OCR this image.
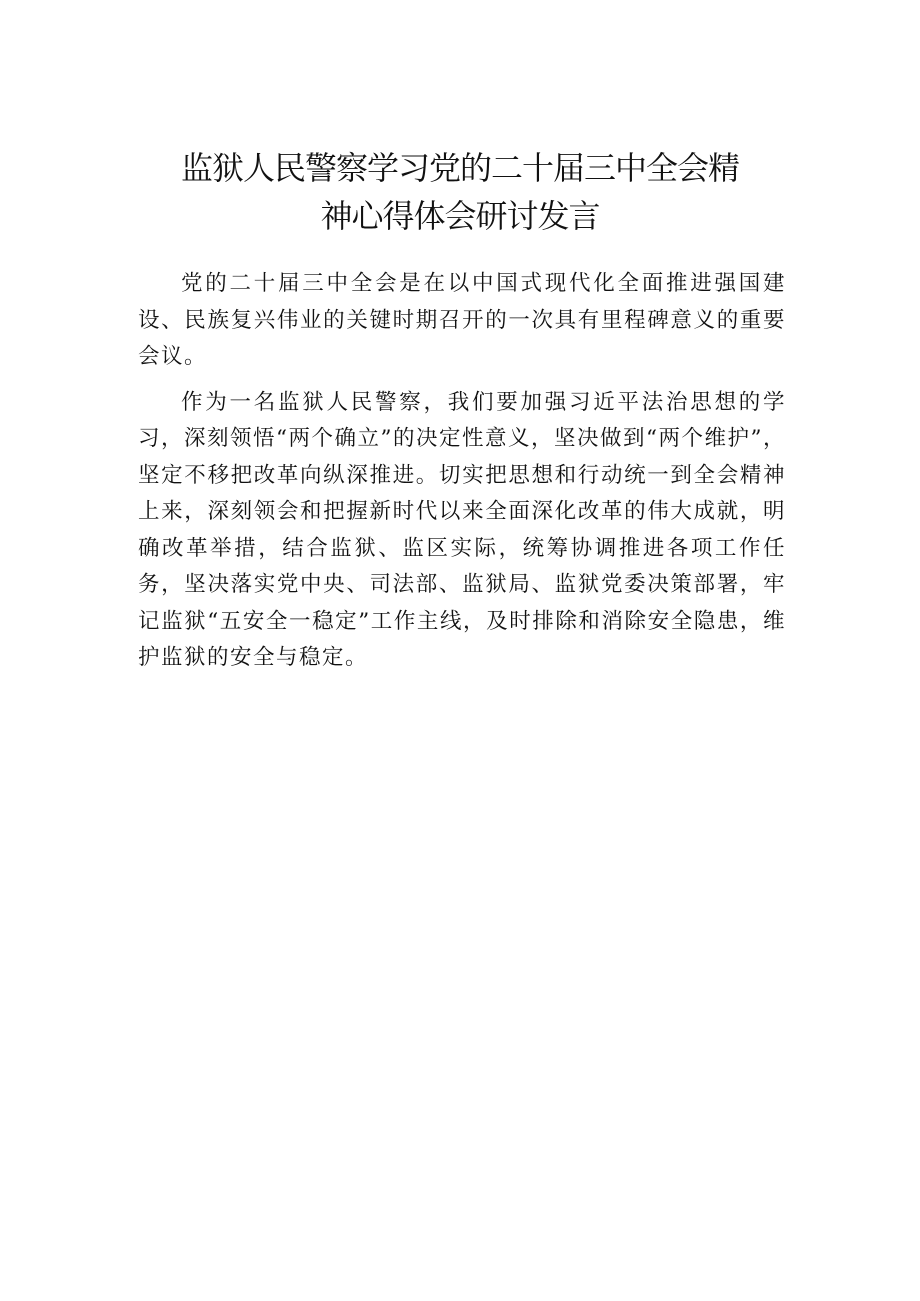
监狱人民警察学习党的二十届三中全会精
神心得体会研讨发言

党的二十届三中全会是在以中国式现代化全面推进强国建设、民族复兴伟业的关键时期召开的一次具有里程碑意义的重要会议。

作为一名监狱人民警察，我们要加强习近平法治思想的学习，深刻领悟“两个确立”的决定性意义，坚决做到“两个维护”，坚定不移把改革向纵深推进。切实把思想和行动统一到全会精神上来，深刻领会和把握新时代以来全面深化改革的伟大成就，明确改革举措，结合监狱、监区实际，统筹协调推进各项工作任务，坚决落实党中央、司法部、监狱局、监狱党委决策部署，牢记监狱“五安全一稳定”工作主线，及时排除和消除安全隐患，维护监狱的安全与稳定。
